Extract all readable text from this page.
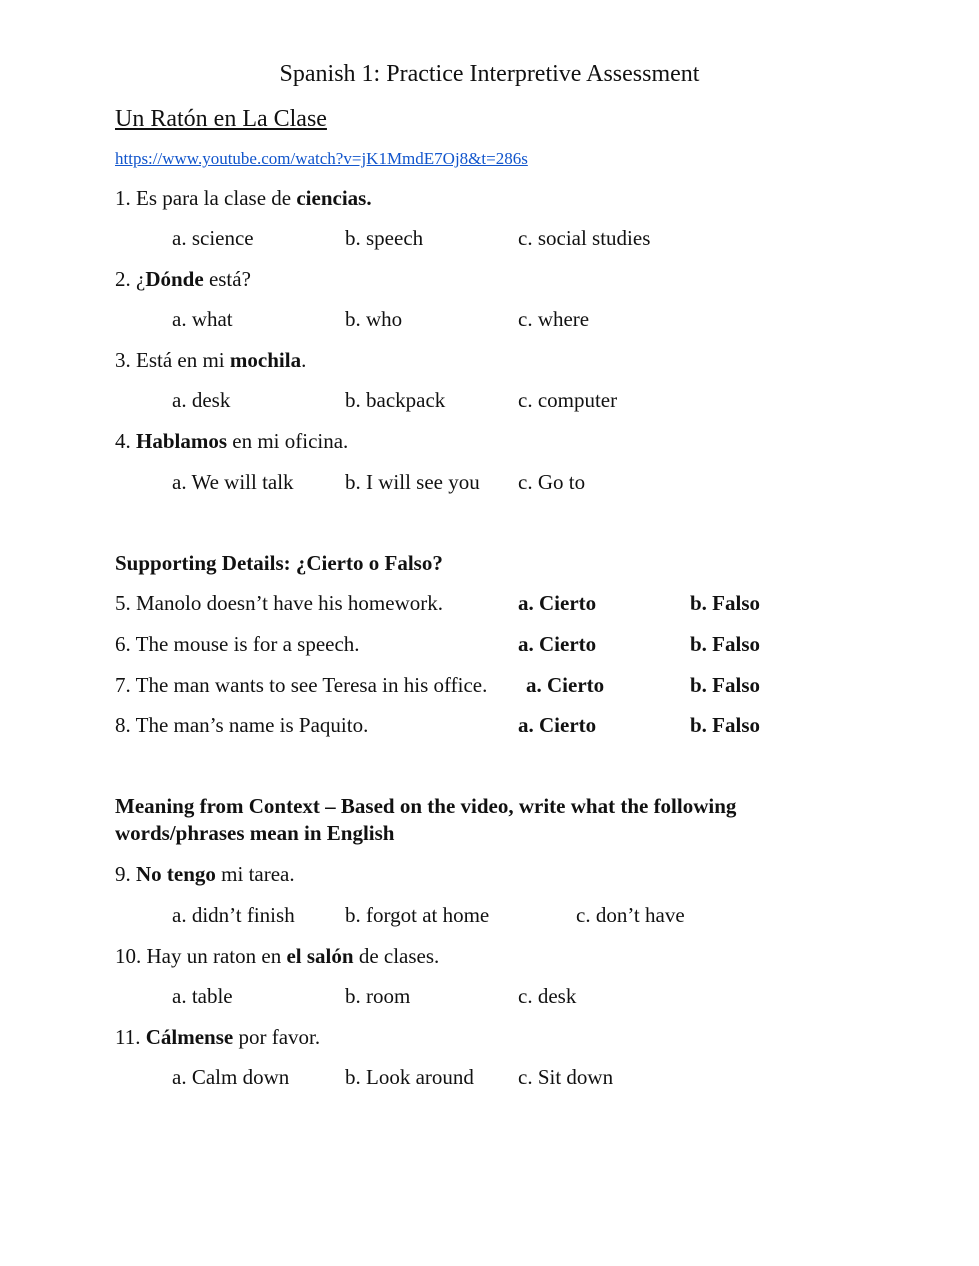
Spanish 1: Practice Interpretive Assessment
Un Ratón en La Clase
https://www.youtube.com/watch?v=jK1MmdE7Oj8&t=286s
1. Es para la clase de ciencias.
a. science	b. speech	c. social studies
2. ¿Dónde está?
a. what	b. who	c. where
3. Está en mi mochila.
a. desk	b. backpack	c. computer
4. Hablamos en mi oficina.
a. We will talk b. I will see you c. Go to
Supporting Details: ¿Cierto o Falso?
5. Manolo doesn’t have his homework.	a. Cierto	b. Falso
6. The mouse is for a speech.	a. Cierto	b. Falso
7. The man wants to see Teresa in his office. a. Cierto	b. Falso
8. The man’s name is Paquito.	a. Cierto	b. Falso
Meaning from Context – Based on the video, write what the following
words/phrases mean in English
9. No tengo mi tarea.
a. didn’t finish b. forgot at home	c. don’t have
10. Hay un raton en el salón de clases.
a. table	b. room	c. desk
11. Cálmense por favor.
a. Calm down	b. Look around c. Sit down
